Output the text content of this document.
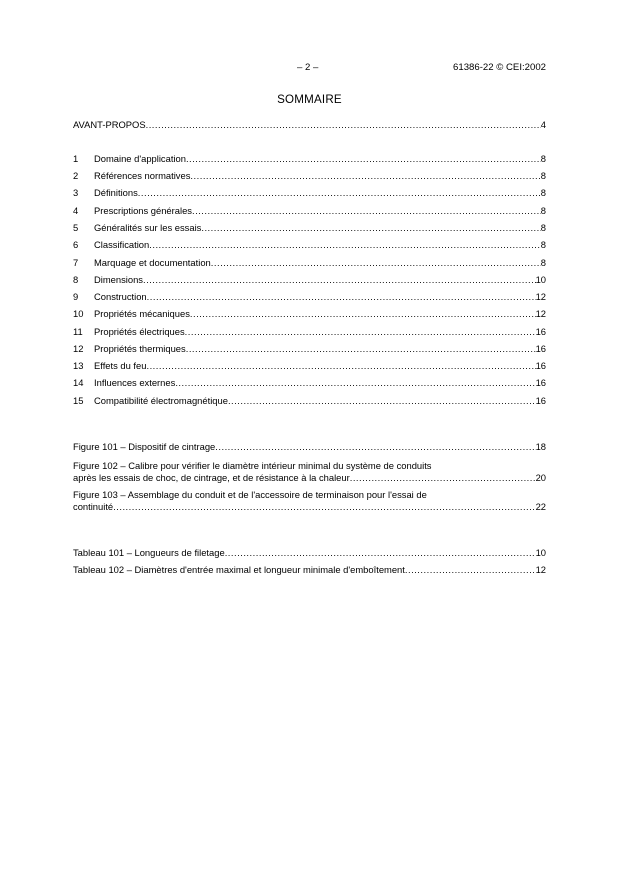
– 2 –	61386-22 © CEI:2002
SOMMAIRE
AVANT-PROPOS .....	4
1	Domaine d'application .....	8
2	Références normatives .....	8
3	Définitions .....	8
4	Prescriptions générales .....	8
5	Généralités sur les essais .....	8
6	Classification .....	8
7	Marquage et documentation .....	8
8	Dimensions .....	10
9	Construction .....	12
10	Propriétés mécaniques .....	12
11	Propriétés électriques .....	16
12	Propriétés thermiques .....	16
13	Effets du feu .....	16
14	Influences externes .....	16
15	Compatibilité électromagnétique .....	16
Figure 101 – Dispositif de cintrage .....	18
Figure 102 – Calibre pour vérifier le diamètre intérieur minimal du système de conduits
après les essais de choc, de cintrage, et de résistance à la chaleur .....	20
Figure 103 – Assemblage du conduit et de l'accessoire de terminaison pour l'essai de
continuité .....	22
Tableau 101 – Longueurs de filetage .....	10
Tableau 102 – Diamètres d'entrée maximal et longueur minimale d'emboîtement .....	12
